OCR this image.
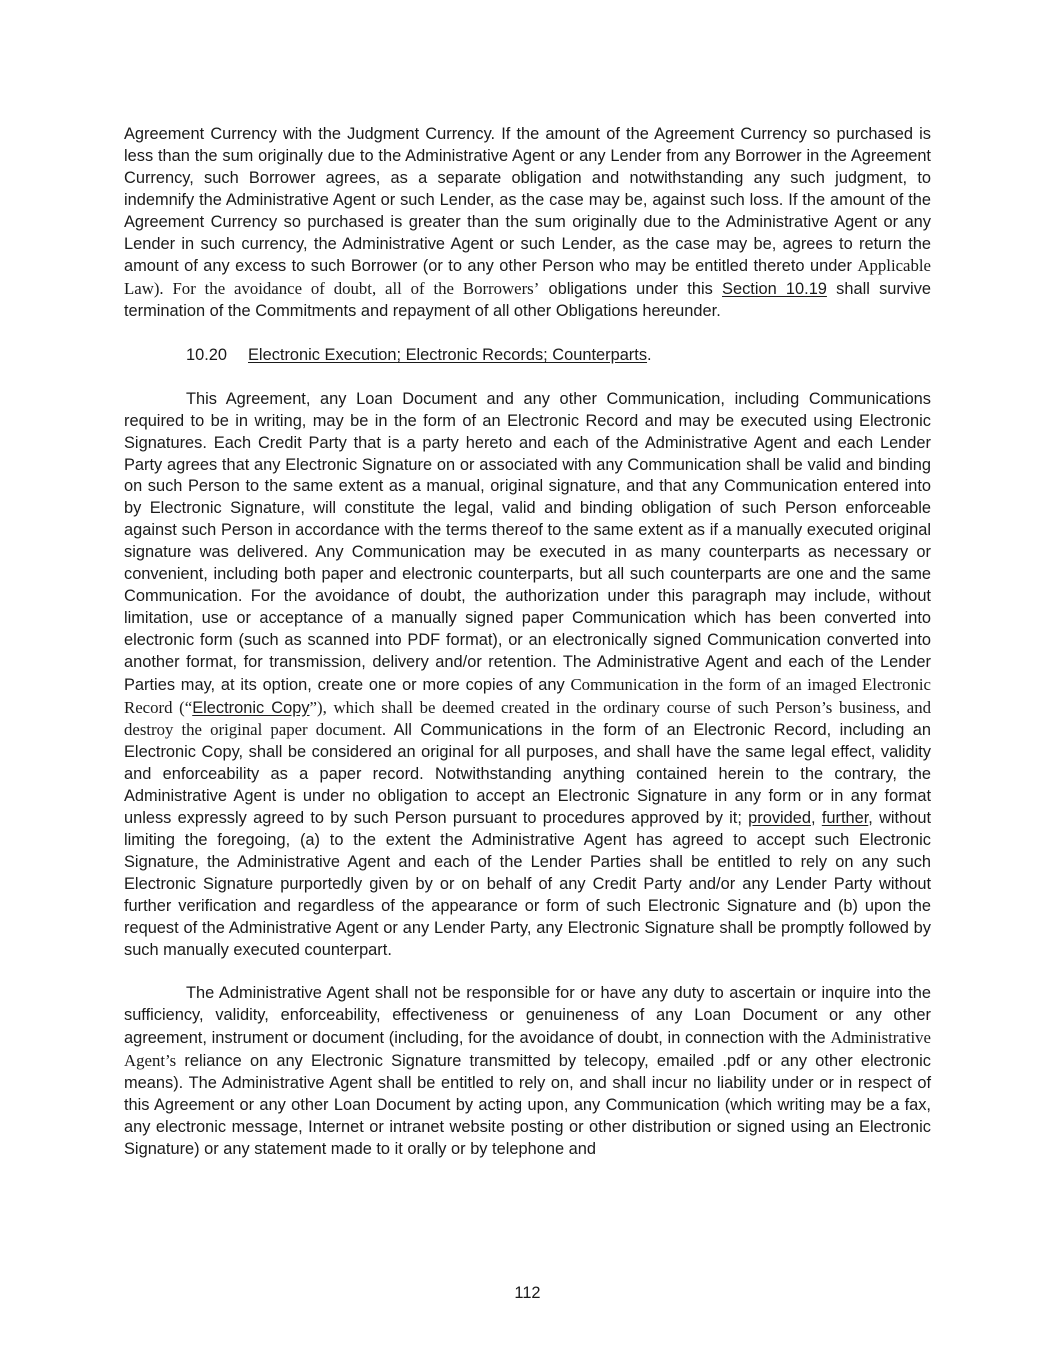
Agreement Currency with the Judgment Currency. If the amount of the Agreement Currency so purchased is less than the sum originally due to the Administrative Agent or any Lender from any Borrower in the Agreement Currency, such Borrower agrees, as a separate obligation and notwithstanding any such judgment, to indemnify the Administrative Agent or such Lender, as the case may be, against such loss. If the amount of the Agreement Currency so purchased is greater than the sum originally due to the Administrative Agent or any Lender in such currency, the Administrative Agent or such Lender, as the case may be, agrees to return the amount of any excess to such Borrower (or to any other Person who may be entitled thereto under Applicable Law). For the avoidance of doubt, all of the Borrowers’ obligations under this Section 10.19 shall survive termination of the Commitments and repayment of all other Obligations hereunder.

10.20 Electronic Execution; Electronic Records; Counterparts.

This Agreement, any Loan Document and any other Communication, including Communications required to be in writing, may be in the form of an Electronic Record and may be executed using Electronic Signatures. Each Credit Party that is a party hereto and each of the Administrative Agent and each Lender Party agrees that any Electronic Signature on or associated with any Communication shall be valid and binding on such Person to the same extent as a manual, original signature, and that any Communication entered into by Electronic Signature, will constitute the legal, valid and binding obligation of such Person enforceable against such Person in accordance with the terms thereof to the same extent as if a manually executed original signature was delivered. Any Communication may be executed in as many counterparts as necessary or convenient, including both paper and electronic counterparts, but all such counterparts are one and the same Communication. For the avoidance of doubt, the authorization under this paragraph may include, without limitation, use or acceptance of a manually signed paper Communication which has been converted into electronic form (such as scanned into PDF format), or an electronically signed Communication converted into another format, for transmission, delivery and/or retention. The Administrative Agent and each of the Lender Parties may, at its option, create one or more copies of any Communication in the form of an imaged Electronic Record (“Electronic Copy”), which shall be deemed created in the ordinary course of such Person’s business, and destroy the original paper document. All Communications in the form of an Electronic Record, including an Electronic Copy, shall be considered an original for all purposes, and shall have the same legal effect, validity and enforceability as a paper record. Notwithstanding anything contained herein to the contrary, the Administrative Agent is under no obligation to accept an Electronic Signature in any form or in any format unless expressly agreed to by such Person pursuant to procedures approved by it; provided, further, without limiting the foregoing, (a) to the extent the Administrative Agent has agreed to accept such Electronic Signature, the Administrative Agent and each of the Lender Parties shall be entitled to rely on any such Electronic Signature purportedly given by or on behalf of any Credit Party and/or any Lender Party without further verification and regardless of the appearance or form of such Electronic Signature and (b) upon the request of the Administrative Agent or any Lender Party, any Electronic Signature shall be promptly followed by such manually executed counterpart.

The Administrative Agent shall not be responsible for or have any duty to ascertain or inquire into the sufficiency, validity, enforceability, effectiveness or genuineness of any Loan Document or any other agreement, instrument or document (including, for the avoidance of doubt, in connection with the Administrative Agent’s reliance on any Electronic Signature transmitted by telecopy, emailed .pdf or any other electronic means). The Administrative Agent shall be entitled to rely on, and shall incur no liability under or in respect of this Agreement or any other Loan Document by acting upon, any Communication (which writing may be a fax, any electronic message, Internet or intranet website posting or other distribution or signed using an Electronic Signature) or any statement made to it orally or by telephone and

112
